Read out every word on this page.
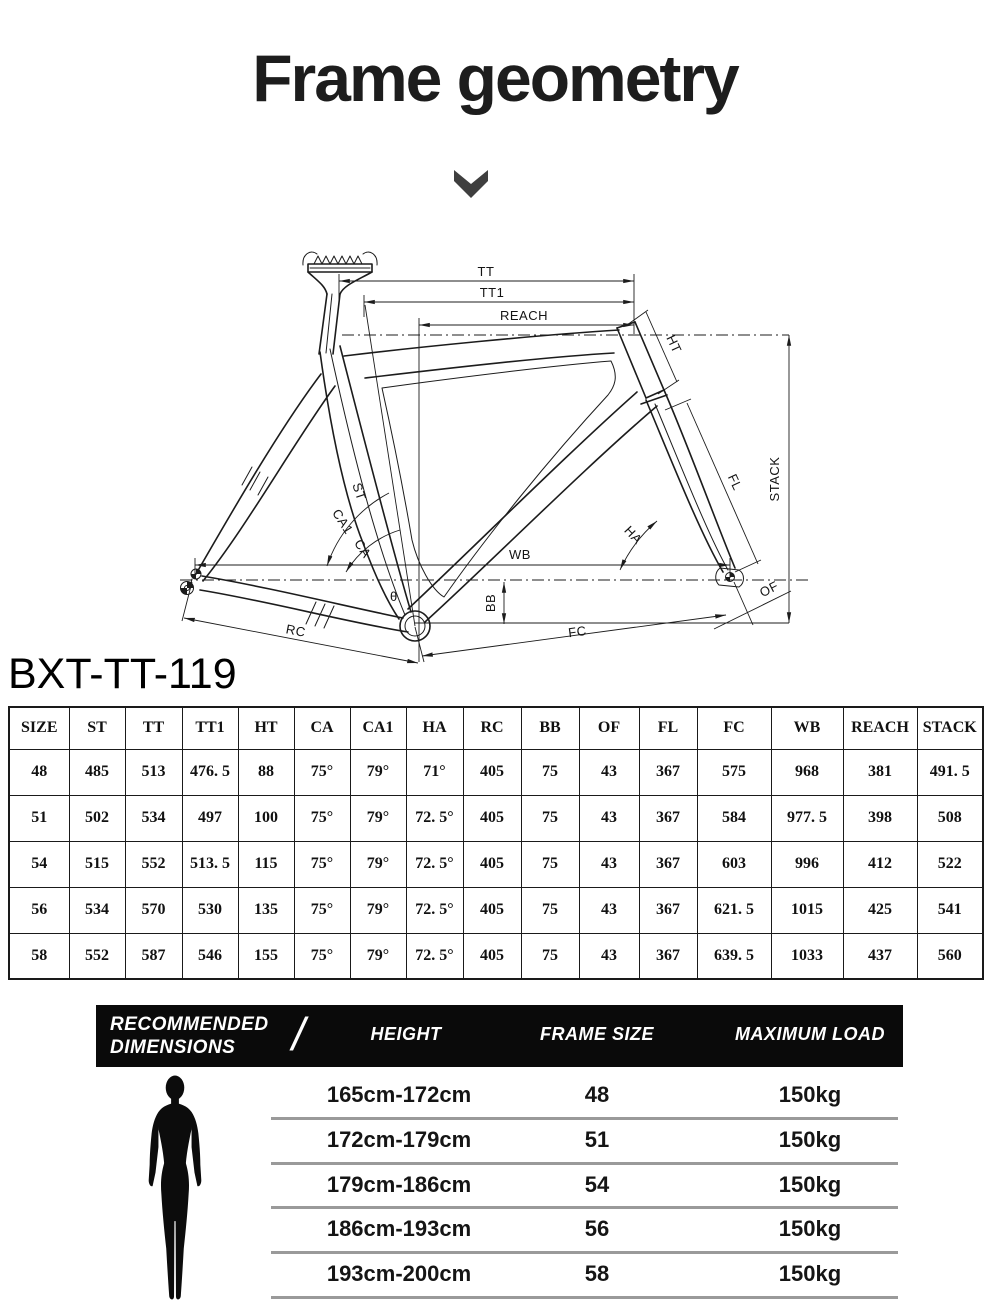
Frame geometry
TT
TT1
REACH
STACK
WB
BB
FC
RC
HT
FL
OF
HA
ST
CA
CA1
θ
BXT-TT-119
SIZE	ST	TT	TT1	HT	CA	CA1	HA	RC	BB	OF	FL	FC	WB	REACH	STACK
48	485	513	476. 5	88	75°	79°	71°	405	75	43	367	575	968	381	491. 5
51	502	534	497	100	75°	79°	72. 5°	405	75	43	367	584	977. 5	398	508
54	515	552	513. 5	115	75°	79°	72. 5°	405	75	43	367	603	996	412	522
56	534	570	530	135	75°	79°	72. 5°	405	75	43	367	621. 5	1015	425	541
58	552	587	546	155	75°	79°	72. 5°	405	75	43	367	639. 5	1033	437	560
RECOMMENDED
DIMENSIONS	/	HEIGHT	FRAME SIZE	MAXIMUM LOAD
165cm-172cm	48	150kg
172cm-179cm	51	150kg
179cm-186cm	54	150kg
186cm-193cm	56	150kg
193cm-200cm	58	150kg
